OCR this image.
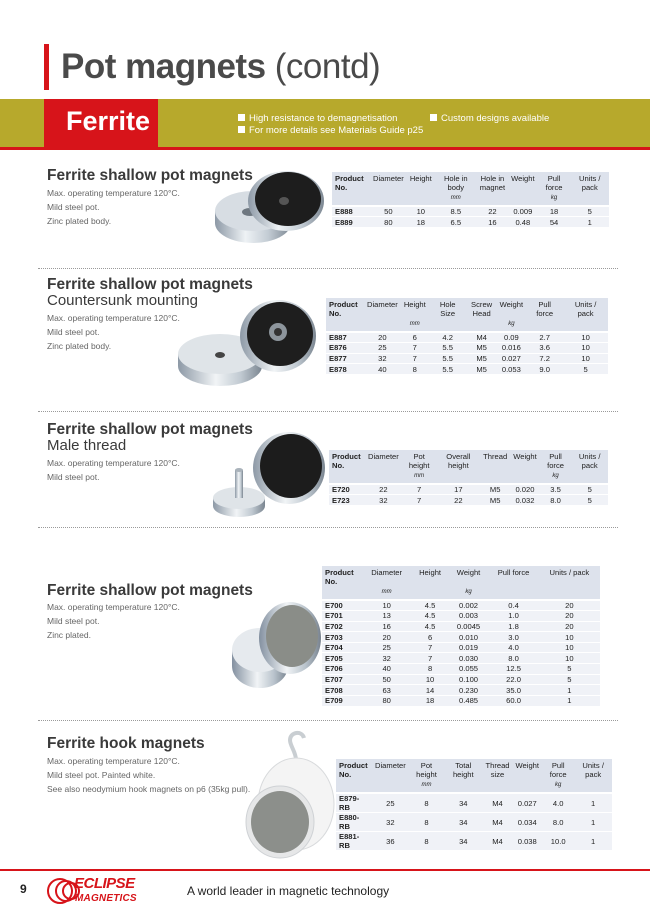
Pot magnets (contd)
Ferrite	High resistance to demagnetisation
For more details see Materials Guide p25
Custom designs available
Ferrite shallow pot magnets
Max. operating temperature 120°C.
Mild steel pot.
Zinc plated body.
Product No.	Diameter	Height	Hole in body	Hole in magnet	Weight	Pull force	Units / pack
			mm			kg	
E888	50	10	8.5	22	0.009	18	5
E889	80	18	6.5	16	0.48	54	1
Ferrite shallow pot magnets
Countersunk mounting
Max. operating temperature 120°C.
Mild steel pot.
Zinc plated body.
Product No.	Diameter	Height	Hole Size	Screw Head	Weight	Pull force	Units / pack
		mm			kg		
E887	20	6	4.2	M4	0.09	2.7	10
E876	25	7	5.5	M5	0.016	3.6	10
E877	32	7	5.5	M5	0.027	7.2	10
E878	40	8	5.5	M5	0.053	9.0	5
Ferrite shallow pot magnets
Male thread
Max. operating temperature 120°C.
Mild steel pot.
Product No.	Diameter	Pot height	Overall height	Thread	Weight	Pull force	Units / pack
		mm				kg	
E720	22	7	17	M5	0.020	3.5	5
E723	32	7	22	M5	0.032	8.0	5
Ferrite shallow pot magnets
Max. operating temperature 120°C.
Mild steel pot.
Zinc plated.
Product No.	Diameter	Height	Weight	Pull force	Units / pack
	mm		kg		
E700	10	4.5	0.002	0.4	20
E701	13	4.5	0.003	1.0	20
E702	16	4.5	0.0045	1.8	20
E703	20	6	0.010	3.0	10
E704	25	7	0.019	4.0	10
E705	32	7	0.030	8.0	10
E706	40	8	0.055	12.5	5
E707	50	10	0.100	22.0	5
E708	63	14	0.230	35.0	1
E709	80	18	0.485	60.0	1
Ferrite hook magnets
Max. operating temperature 120°C.
Mild steel pot. Painted white.
See also neodymium hook magnets on p6 (35kg pull).
Product No.	Diameter	Pot height	Total height	Thread size	Weight	Pull force	Units / pack
		mm				kg	
E879-RB	25	8	34	M4	0.027	4.0	1
E880-RB	32	8	34	M4	0.034	8.0	1
E881-RB	36	8	34	M4	0.038	10.0	1
9	ECLIPSE
MAGNETICS
A world leader in magnetic technology
